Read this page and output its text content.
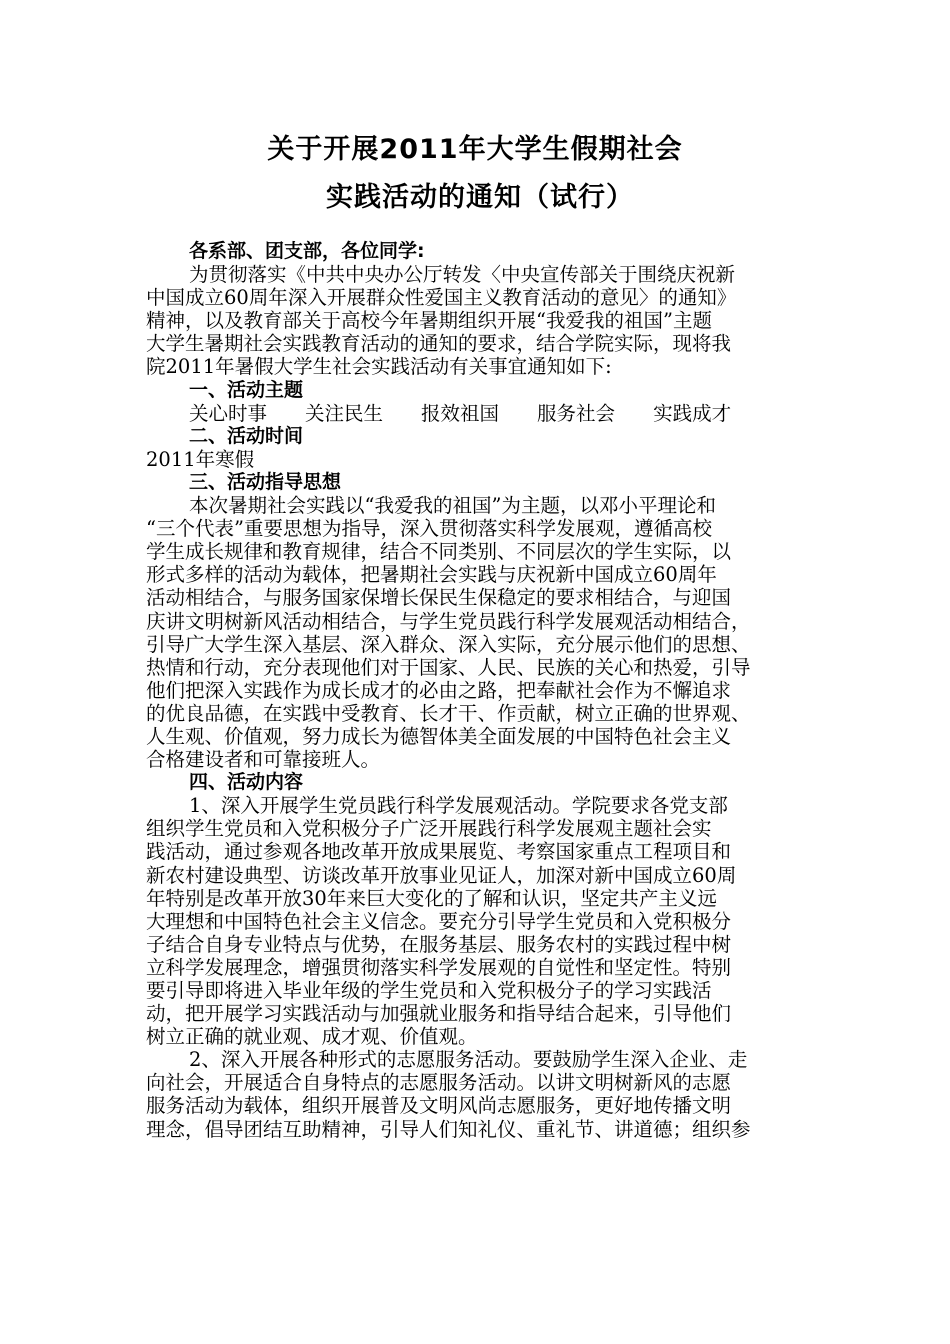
关于开展2011年大学生假期社会
实践活动的通知（试行）
各系部、团支部，各位同学:
为贯彻落实《中共中央办公厅转发〈中央宣传部关于围绕庆祝新
中国成立60周年深入开展群众性爱国主义教育活动的意见〉的通知》
精神，以及教育部关于高校今年暑期组织开展“我爱我的祖国”主题
大学生暑期社会实践教育活动的通知的要求，结合学院实际，现将我
院2011年暑假大学生社会实践活动有关事宜通知如下:
一、活动主题
关心时事 关注民生 报效祖国 服务社会 实践成才
二、活动时间
2011年寒假
三、活动指导思想
本次暑期社会实践以“我爱我的祖国”为主题，以邓小平理论和
“三个代表”重要思想为指导，深入贯彻落实科学发展观，遵循高校
学生成长规律和教育规律，结合不同类别、不同层次的学生实际，以
形式多样的活动为载体，把暑期社会实践与庆祝新中国成立60周年
活动相结合，与服务国家保增长保民生保稳定的要求相结合，与迎国
庆讲文明树新风活动相结合，与学生党员践行科学发展观活动相结合，
引导广大学生深入基层、深入群众、深入实际，充分展示他们的思想、
热情和行动，充分表现他们对于国家、人民、民族的关心和热爱，引导
他们把深入实践作为成长成才的必由之路，把奉献社会作为不懈追求
的优良品德，在实践中受教育、长才干、作贡献，树立正确的世界观、
人生观、价值观，努力成长为德智体美全面发展的中国特色社会主义
合格建设者和可靠接班人。
四、活动内容
1、深入开展学生党员践行科学发展观活动。学院要求各党支部
组织学生党员和入党积极分子广泛开展践行科学发展观主题社会实
践活动，通过参观各地改革开放成果展览、考察国家重点工程项目和
新农村建设典型、访谈改革开放事业见证人，加深对新中国成立60周
年特别是改革开放30年来巨大变化的了解和认识，坚定共产主义远
大理想和中国特色社会主义信念。要充分引导学生党员和入党积极分
子结合自身专业特点与优势，在服务基层、服务农村的实践过程中树
立科学发展理念，增强贯彻落实科学发展观的自觉性和坚定性。特别
要引导即将进入毕业年级的学生党员和入党积极分子的学习实践活
动，把开展学习实践活动与加强就业服务和指导结合起来，引导他们
树立正确的就业观、成才观、价值观。
2、深入开展各种形式的志愿服务活动。要鼓励学生深入企业、走
向社会，开展适合自身特点的志愿服务活动。以讲文明树新风的志愿
服务活动为载体，组织开展普及文明风尚志愿服务，更好地传播文明
理念，倡导团结互助精神，引导人们知礼仪、重礼节、讲道德；组织参
